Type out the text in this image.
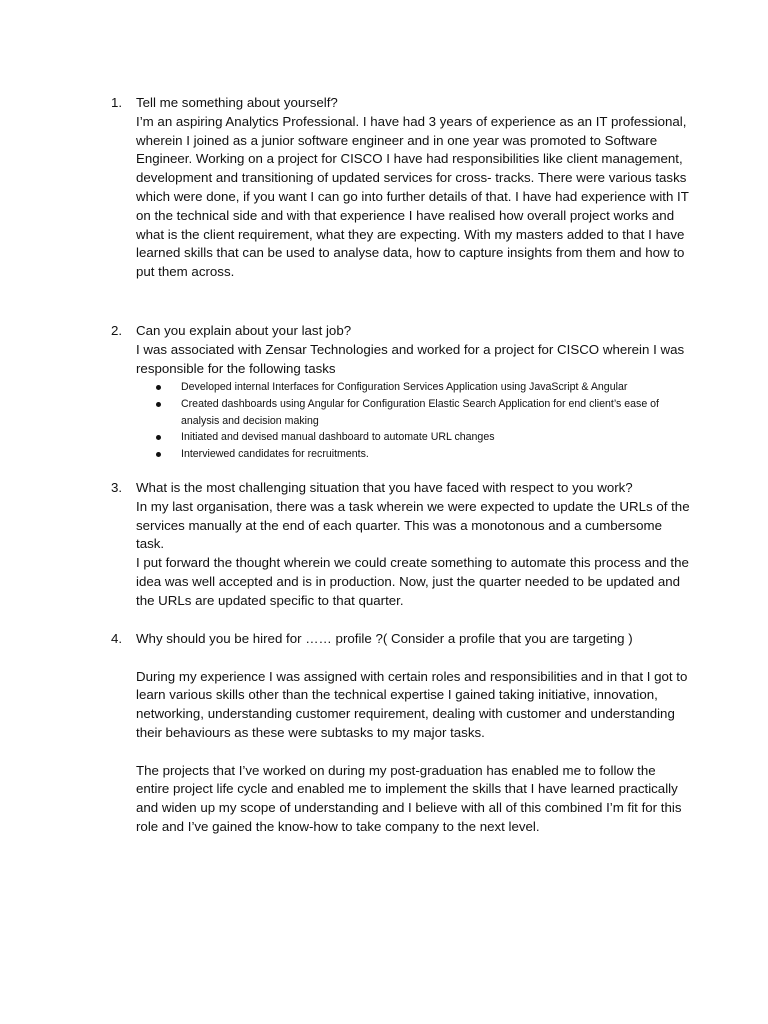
1.	Tell me something about yourself?

I’m an aspiring Analytics Professional. I have had 3 years of experience as an IT professional, wherein I joined as a junior software engineer and in one year was promoted to Software Engineer. Working on a project for CISCO I have had responsibilities like client management, development and transitioning of updated services for cross- tracks. There were various tasks which were done, if you want I can go into further details of that. I have had experience with IT on the technical side and with that experience I have realised how overall project works and what is the client requirement, what they are expecting. With my masters added to that I have learned skills that can be used to analyse data, how to capture insights from them and how to put them across.

2.	Can you explain about your last job?

I was associated with Zensar Technologies and worked for a project for CISCO wherein I was responsible for the following tasks

Developed internal Interfaces for Configuration Services Application using JavaScript & Angular
Created dashboards using Angular for Configuration Elastic Search Application for end client’s ease of analysis and decision making
Initiated and devised manual dashboard to automate URL changes
Interviewed candidates for recruitments.
3.	What is the most challenging situation that you have faced with respect to you work?

In my last organisation, there was a task wherein we were expected to update the URLs of the services manually at the end of each quarter. This was a monotonous and a cumbersome task.

I put forward the thought wherein we could create something to automate this process and the idea was well accepted and is in production. Now, just the quarter needed to be updated and the URLs are updated specific to that quarter.

4.	Why should you be hired for …… profile ?( Consider a profile that you are targeting )

During my experience I was assigned with certain roles and responsibilities and in that I got to learn various skills other than the technical expertise I gained taking initiative, innovation, networking, understanding customer requirement, dealing with customer and understanding their behaviours as these were subtasks to my major tasks.

The projects that I’ve worked on during my post-graduation has enabled me to follow the entire project life cycle and enabled me to implement the skills that I have learned practically and widen up my scope of understanding and I believe with all of this combined I’m fit for this role and I’ve gained the know-how to take company to the next level.
